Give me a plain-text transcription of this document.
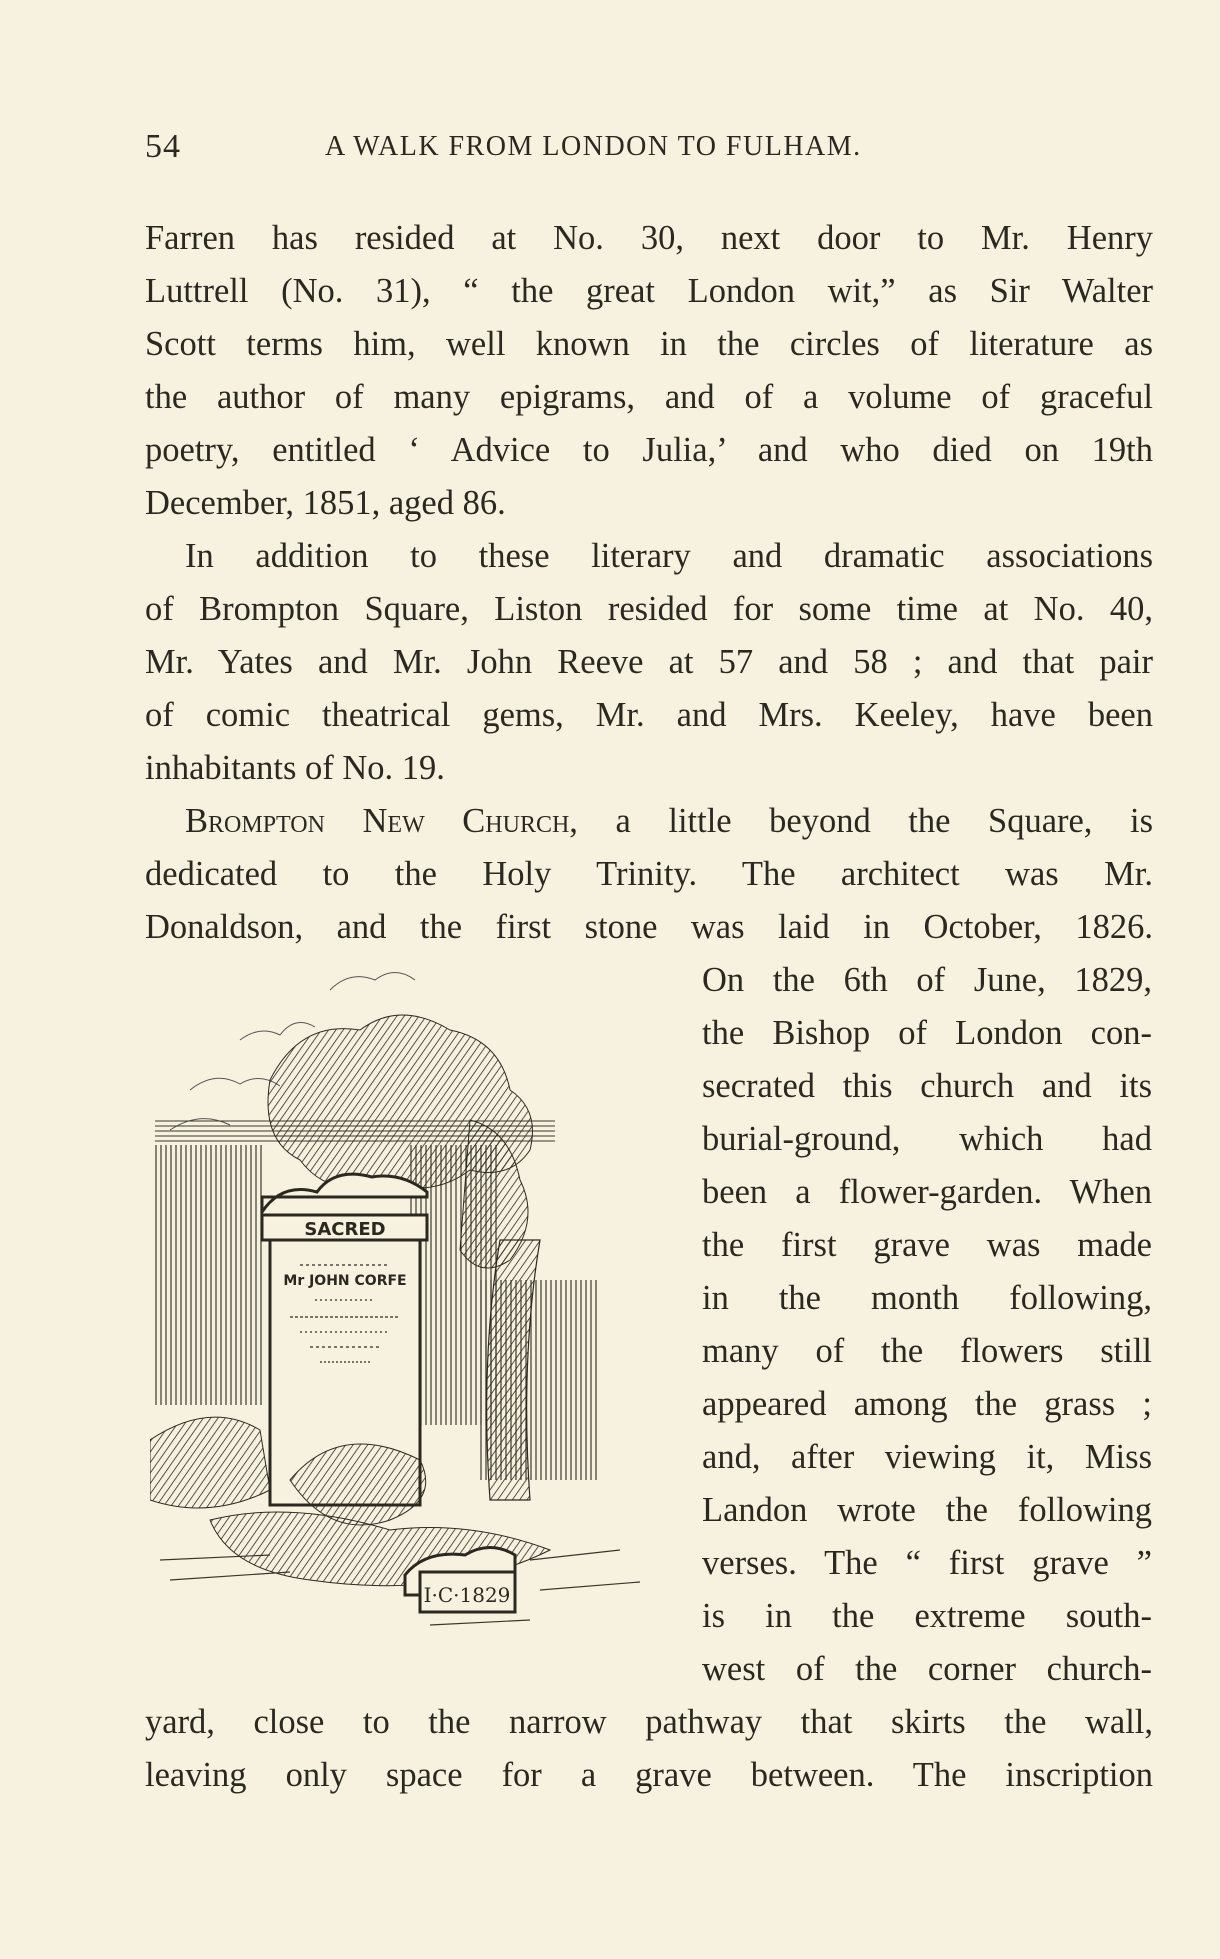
54	A WALK FROM LONDON TO FULHAM.
Farren has resided at No. 30, next door to Mr. Henry
Luttrell (No. 31), “ the great London wit,” as Sir Walter
Scott terms him, well known in the circles of literature as
the author of many epigrams, and of a volume of graceful
poetry, entitled ‘ Advice to Julia,’ and who died on 19th
December, 1851, aged 86.
In addition to these literary and dramatic associations
of Brompton Square, Liston resided for some time at No. 40,
Mr. Yates and Mr. John Reeve at 57 and 58 ; and that pair
of comic theatrical gems, Mr. and Mrs. Keeley, have been
inhabitants of No. 19.
Brompton New Church, a little beyond the Square, is
dedicated to the Holy Trinity. The architect was Mr.
Donaldson, and the first stone was laid in October, 1826.
On the 6th of June, 1829,
the Bishop of London con-
secrated this church and its
burial-ground, which had
been a flower-garden. When
the first grave was made
in the month following,
many of the flowers still
appeared among the grass ;
and, after viewing it, Miss
Landon wrote the following
verses. The “ first grave ”
is in the extreme south-
west of the corner church-
yard, close to the narrow pathway that skirts the wall,
leaving only space for a grave between. The inscription
SACRED
Mr JOHN CORFE
I·C·1829
